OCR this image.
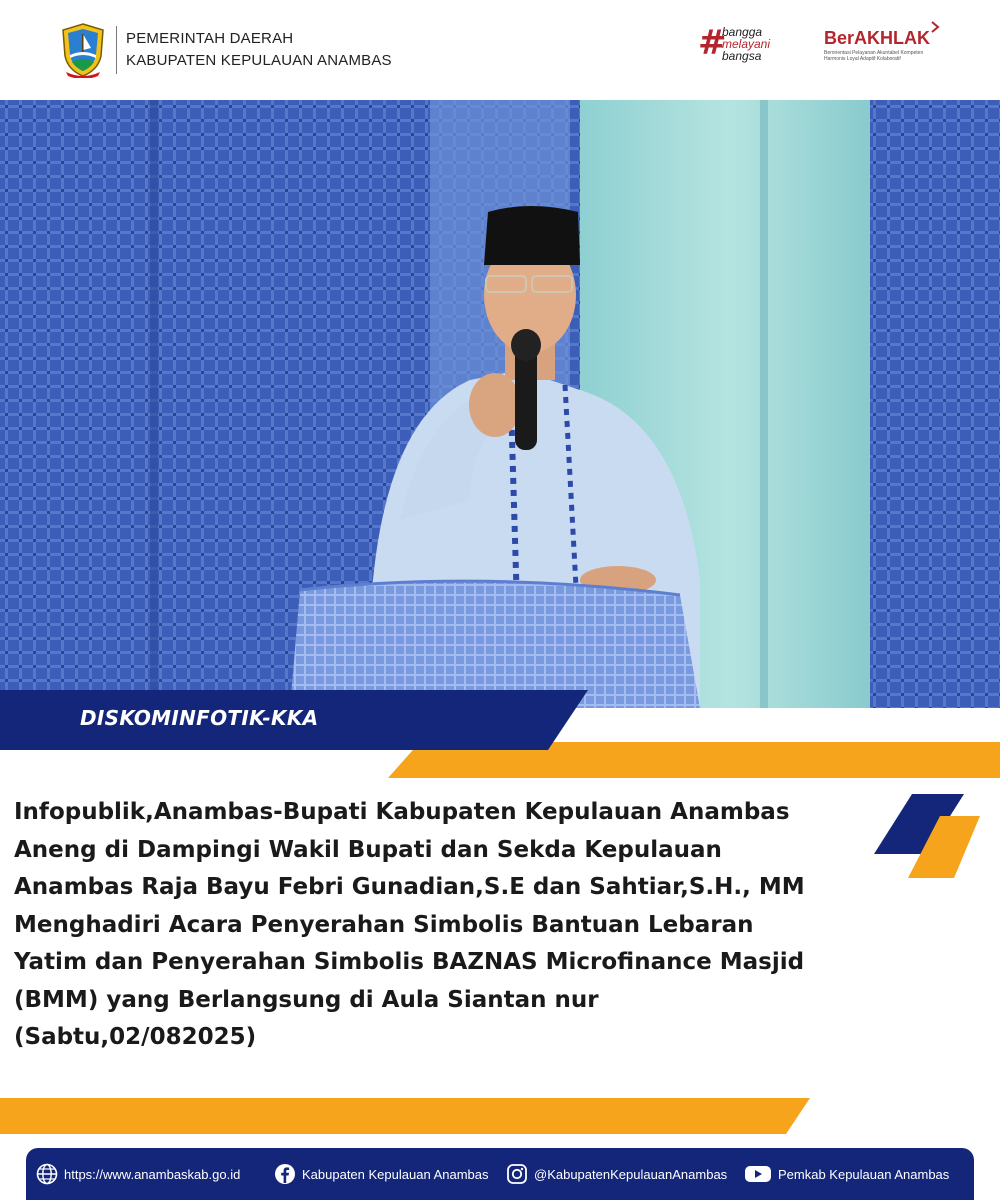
PEMERINTAH DAERAH
KABUPATEN KEPULAUAN ANAMBAS	#
bangga
melayani
bangsa
BerAKHLAK
Berorientasi Pelayanan Akuntabel Kompeten Harmonis Loyal Adaptif Kolaboratif
DISKOMINFOTIK-KKA
Infopublik,Anambas-Bupati Kabupaten Kepulauan Anambas
Aneng di Dampingi Wakil Bupati dan Sekda Kepulauan
Anambas Raja Bayu Febri Gunadian,S.E dan Sahtiar,S.H., MM
Menghadiri Acara Penyerahan Simbolis Bantuan Lebaran
Yatim dan Penyerahan Simbolis BAZNAS Microfinance Masjid
(BMM) yang Berlangsung di Aula Siantan nur
(Sabtu,02/082025)
https://www.anambaskab.go.id	Kabupaten Kepulauan Anambas	@KabupatenKepulauanAnambas	Pemkab Kepulauan Anambas
